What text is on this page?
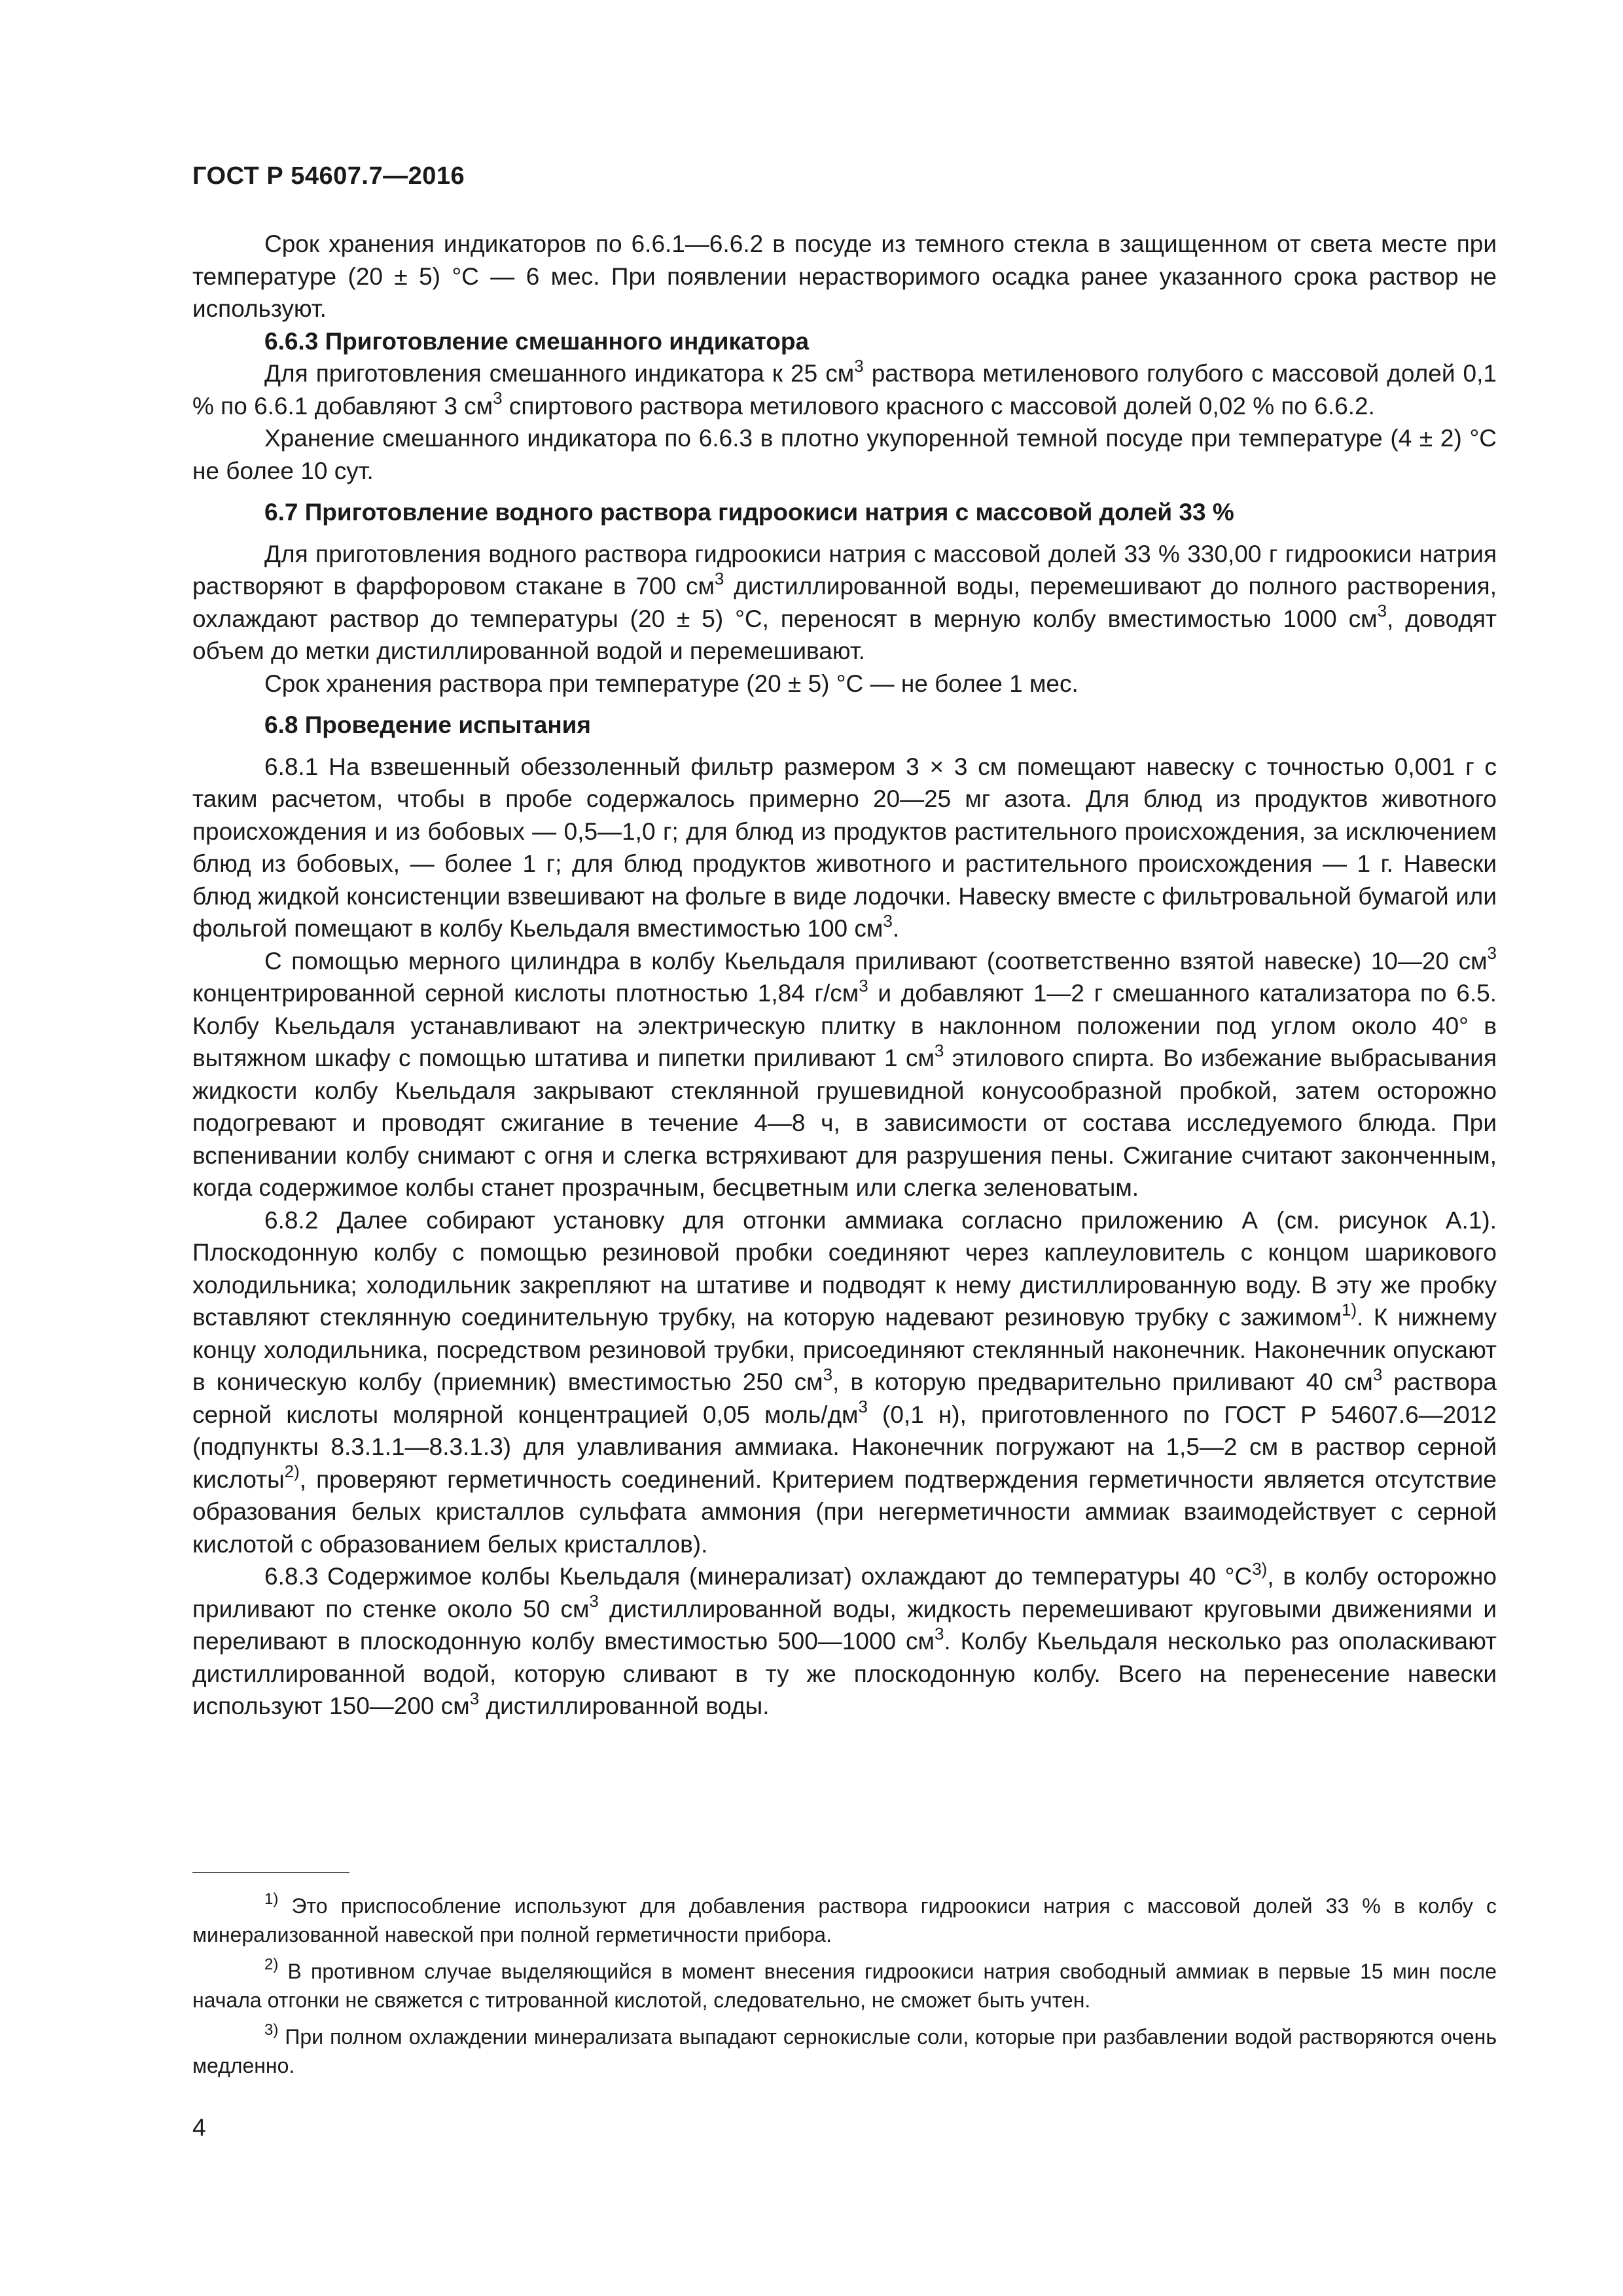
ГОСТ Р 54607.7—2016

Срок хранения индикаторов по 6.6.1—6.6.2 в посуде из темного стекла в защищенном от света месте при температуре (20 ± 5) °С — 6 мес. При появлении нерастворимого осадка ранее указанного срока раствор не используют.

6.6.3 Приготовление смешанного индикатора

Для приготовления смешанного индикатора к 25 $см^3$ раствора метиленового голубого с массовой долей 0,1 % по 6.6.1 добавляют 3 $см^3$ спиртового раствора метилового красного с массовой долей 0,02 % по 6.6.2.

Хранение смешанного индикатора по 6.6.3 в плотно укупоренной темной посуде при температуре (4 ± 2) °С не более 10 сут.

6.7 Приготовление водного раствора гидроокиси натрия с массовой долей 33 %

Для приготовления водного раствора гидроокиси натрия с массовой долей 33 % 330,00 г гидроокиси натрия растворяют в фарфоровом стакане в 700 $см^3$ дистиллированной воды, перемешивают до полного растворения, охлаждают раствор до температуры (20 ± 5) °С, переносят в мерную колбу вместимостью 1000 $см^3$, доводят объем до метки дистиллированной водой и перемешивают.

Срок хранения раствора при температуре (20 ± 5) °С — не более 1 мес.

6.8 Проведение испытания

6.8.1 На взвешенный обеззоленный фильтр размером 3 × 3 см помещают навеску с точностью 0,001 г с таким расчетом, чтобы в пробе содержалось примерно 20—25 мг азота. Для блюд из продуктов животного происхождения и из бобовых — 0,5—1,0 г; для блюд из продуктов растительного происхождения, за исключением блюд из бобовых, — более 1 г; для блюд продуктов животного и растительного происхождения — 1 г. Навески блюд жидкой консистенции взвешивают на фольге в виде лодочки. Навеску вместе с фильтровальной бумагой или фольгой помещают в колбу Кьельдаля вместимостью 100 $см^3$.

С помощью мерного цилиндра в колбу Кьельдаля приливают (соответственно взятой навеске) 10—20 $см^3$ концентрированной серной кислоты плотностью 1,84 $г/см^3$ и добавляют 1—2 г смешанного катализатора по 6.5. Колбу Кьельдаля устанавливают на электрическую плитку в наклонном положении под углом около 40° в вытяжном шкафу с помощью штатива и пипетки приливают 1 $см^3$ этилового спирта. Во избежание выбрасывания жидкости колбу Кьельдаля закрывают стеклянной грушевидной конусообразной пробкой, затем осторожно подогревают и проводят сжигание в течение 4—8 ч, в зависимости от состава исследуемого блюда. При вспенивании колбу снимают с огня и слегка встряхивают для разрушения пены. Сжигание считают законченным, когда содержимое колбы станет прозрачным, бесцветным или слегка зеленоватым.

6.8.2 Далее собирают установку для отгонки аммиака согласно приложению А (см. рисунок А.1). Плоскодонную колбу с помощью резиновой пробки соединяют через каплеуловитель с концом шарикового холодильника; холодильник закрепляют на штативе и подводят к нему дистиллированную воду. В эту же пробку вставляют стеклянную соединительную трубку, на которую надевают резиновую трубку с зажимом$^{1)}$. К нижнему концу холодильника, посредством резиновой трубки, присоединяют стеклянный наконечник. Наконечник опускают в коническую колбу (приемник) вместимостью 250 $см^3$, в которую предварительно приливают 40 $см^3$ раствора серной кислоты молярной концентрацией 0,05 моль/$дм^3$ (0,1 н), приготовленного по ГОСТ Р 54607.6—2012 (подпункты 8.3.1.1—8.3.1.3) для улавливания аммиака. Наконечник погружают на 1,5—2 см в раствор серной кислоты$^{2)}$, проверяют герметичность соединений. Критерием подтверждения герметичности является отсутствие образования белых кристаллов сульфата аммония (при негерметичности аммиак взаимодействует с серной кислотой с образованием белых кристаллов).

6.8.3 Содержимое колбы Кьельдаля (минерализат) охлаждают до температуры 40 $^\circ С^{3)}$, в колбу осторожно приливают по стенке около 50 $см^3$ дистиллированной воды, жидкость перемешивают круговыми движениями и переливают в плоскодонную колбу вместимостью 500—1000 $см^3$. Колбу Кьельдаля несколько раз ополаскивают дистиллированной водой, которую сливают в ту же плоскодонную колбу. Всего на перенесение навески используют 150—200 $см^3$ дистиллированной воды.

$^{1)}$ Это приспособление используют для добавления раствора гидроокиси натрия с массовой долей 33 % в колбу с минерализованной навеской при полной герметичности прибора.

$^{2)}$ В противном случае выделяющийся в момент внесения гидроокиси натрия свободный аммиак в первые 15 мин после начала отгонки не свяжется с титрованной кислотой, следовательно, не сможет быть учтен.

$^{3)}$ При полном охлаждении минерализата выпадают сернокислые соли, которые при разбавлении водой растворяются очень медленно.

4
